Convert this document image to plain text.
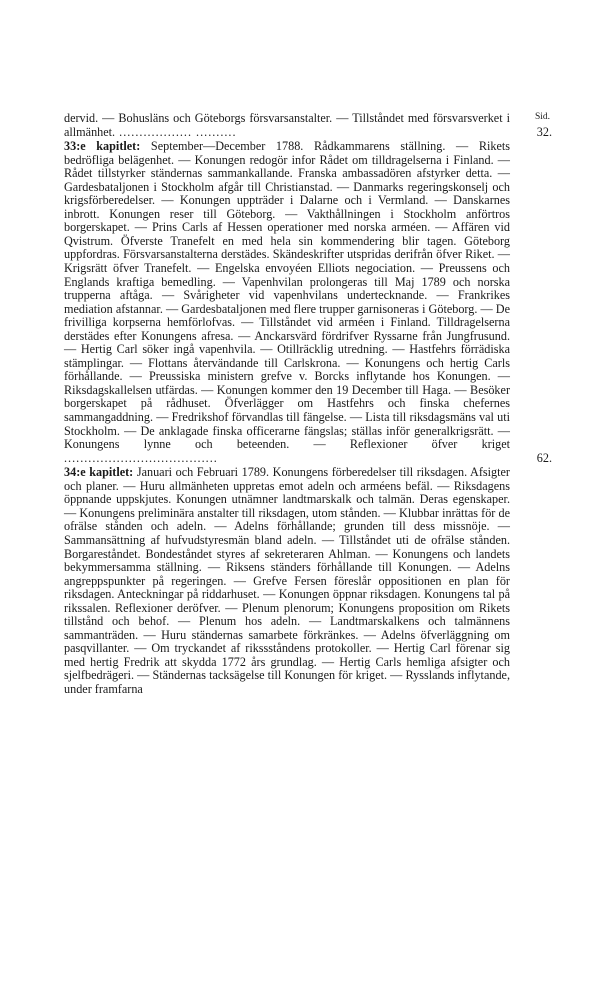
Sid.

dervid. — Bohusläns och Göteborgs försvarsanstalter. — Tillståndet med försvarsverket i allmänhet. .................. ..........	32.

33:e kapitlet: September—December 1788. Rådkammarens ställning. — Rikets bedröfliga belägenhet. — Konungen redogör infor Rådet om tilldragelserna i Finland. — Rådet tillstyrker ständernas sammankallande. Franska ambassadören afstyrker detta. — Gardesbataljonen i Stockholm afgår till Christianstad. — Danmarks regeringskonselj och krigsförberedelser. — Konungen uppträder i Dalarne och i Vermland. — Danskarnes inbrott. Konungen reser till Göteborg. — Vakthållningen i Stockholm anförtros borgerskapet. — Prins Carls af Hessen operationer med norska arméen. — Affären vid Qvistrum. Öfverste Tranefelt en med hela sin kommendering blir tagen. Göteborg uppfordras. Försvarsanstalterna derstädes. Skändeskrifter utspridas derifrån öfver Riket. — Krigsrätt öfver Tranefelt. — Engelska envoyéen Elliots negociation. — Preussens och Englands kraftiga bemedling. — Vapenhvilan prolongeras till Maj 1789 och norska trupperna aftåga. — Svårigheter vid vapenhvilans undertecknande. — Frankrikes mediation afstannar. — Gardesbataljonen med flere trupper garnisoneras i Göteborg. — De frivilliga korpserna hemförlofvas. — Tillståndet vid arméen i Finland. Tilldragelserna derstädes efter Konungens afresa. — Anckarsvärd fördrifver Ryssarne från Jungfrusund. — Hertig Carl söker ingå vapenhvila. — Otillräcklig utredning. — Hastfehrs förrädiska stämplingar. — Flottans återvändande till Carlskrona. — Konungens och hertig Carls förhållande. — Preussiska ministern grefve v. Borcks inflytande hos Konungen. — Riksdagskallelsen utfärdas. — Konungen kommer den 19 December till Haga. — Besöker borgerskapet på rådhuset. Öfverlägger om Hastfehrs och finska chefernes sammangaddning. — Fredrikshof förvandlas till fängelse. — Lista till riksdagsmäns val uti Stockholm. — De anklagade finska officerarne fängslas; ställas inför generalkrigsrätt. — Konungens lynne och beteenden. — Reflexioner öfver kriget ......................................	62.

34:e kapitlet: Januari och Februari 1789. Konungens förberedelser till riksdagen. Afsigter och planer. — Huru allmänheten uppretas emot adeln och arméens befäl. — Riksdagens öppnande uppskjutes. Konungen utnämner landtmarskalk och talmän. Deras egenskaper. — Konungens preliminära anstalter till riksdagen, utom stånden. — Klubbar inrättas för de ofrälse stånden och adeln. — Adelns förhållande; grunden till dess missnöje. — Sammansättning af hufvudstyresmän bland adeln. — Tillståndet uti de ofrälse stånden. Borgareståndet. Bondeståndet styres af sekreteraren Ahlman. — Konungens och landets bekymmersamma ställning. — Riksens ständers förhållande till Konungen. — Adelns angreppspunkter på regeringen. — Grefve Fersen föreslår oppositionen en plan för riksdagen. Anteckningar på riddarhuset. — Konungen öppnar riksdagen. Konungens tal på rikssalen. Reflexioner deröfver. — Plenum plenorum; Konungens proposition om Rikets tillstånd och behof. — Plenum hos adeln. — Landtmarskalkens och talmännens sammanträden. — Huru ständernas samarbete förkränkes. — Adelns öfverläggning om pasqvillanter. — Om tryckandet af rikssståndens protokoller. — Hertig Carl förenar sig med hertig Fredrik att skydda 1772 års grundlag. — Hertig Carls hemliga afsigter och sjelfbedrägeri. — Ständernas tacksägelse till Konungen för kriget. — Rysslands inflytande, under framfarna
